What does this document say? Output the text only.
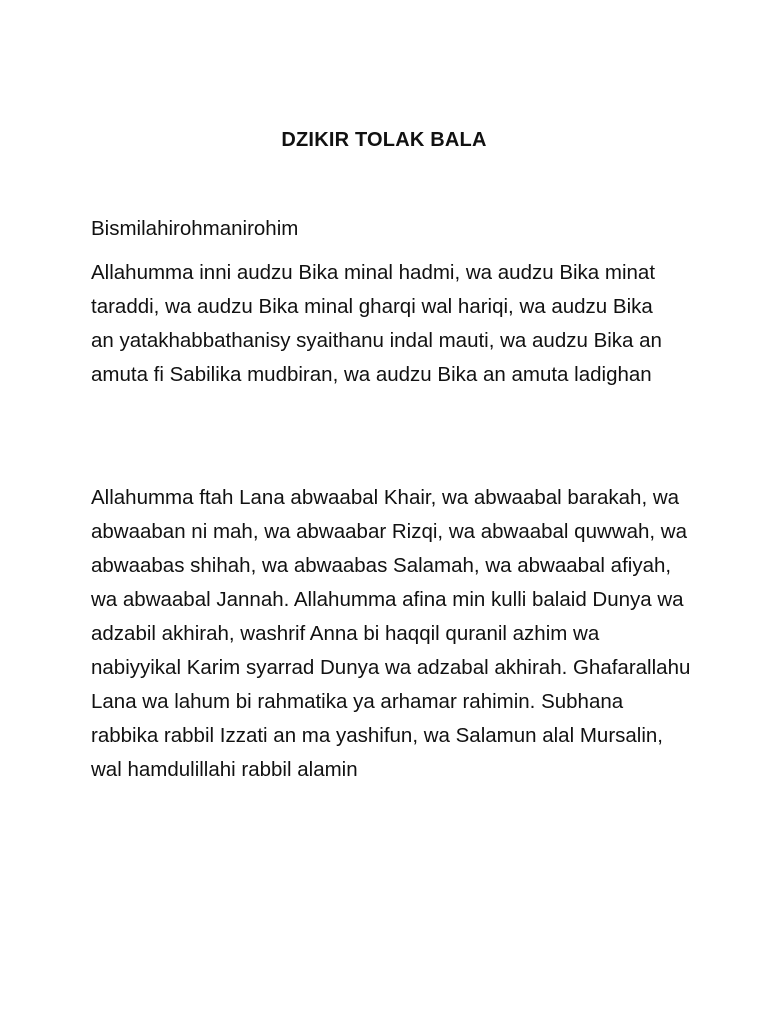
DZIKIR TOLAK BALA

Bismilahirohmanirohim

Allahumma inni audzu Bika minal hadmi, wa audzu Bika minat taraddi, wa audzu Bika minal gharqi wal hariqi, wa audzu Bika an yatakhabbathanisy syaithanu indal mauti, wa audzu Bika an amuta fi Sabilika mudbiran, wa audzu Bika an amuta ladighan

Allahumma ftah Lana abwaabal Khair, wa abwaabal barakah, wa abwaaban ni mah, wa abwaabar Rizqi, wa abwaabal quwwah, wa abwaabas shihah, wa abwaabas Salamah, wa abwaabal afiyah, wa abwaabal Jannah. Allahumma afina min kulli balaid Dunya wa adzabil akhirah, washrif Anna bi haqqil quranil azhim wa nabiyyikal Karim syarrad Dunya wa adzabal akhirah. Ghafarallahu Lana wa lahum bi rahmatika ya arhamar rahimin. Subhana rabbika rabbil Izzati an ma yashifun, wa Salamun alal Mursalin, wal hamdulillahi rabbil alamin
